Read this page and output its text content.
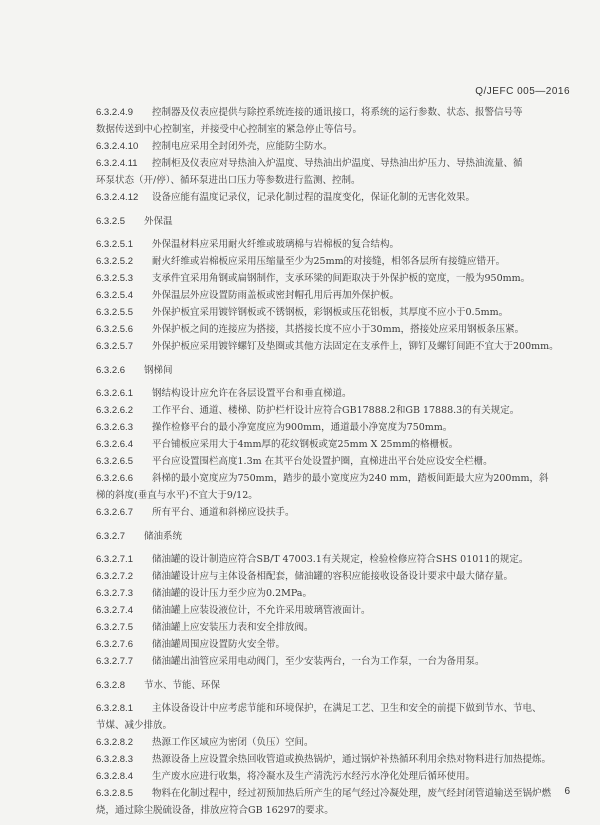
Q/JEFC 005—2016
6.3.2.4.9	控制器及仪表应提供与除控系统连接的通讯接口，将系统的运行参数、状态、报警信号等
数据传送到中心控制室，并接受中心控制室的紧急停止等信号。
6.3.2.4.10	控制电应采用全封闭外壳，应能防尘防水。
6.3.2.4.11	控制柜及仪表应对导热油入炉温度、导热油出炉温度、导热油出炉压力、导热油流量、循
环泵状态（开/停）、循环泵进出口压力等参数进行监测、控制。
6.3.2.4.12	设备应能有温度记录仪，记录化制过程的温度变化，保证化制的无害化效果。
6.3.2.5	外保温
6.3.2.5.1	外保温材料应采用耐火纤维或玻璃棉与岩棉板的复合结构。
6.3.2.5.2	耐火纤维或岩棉板应采用压缩量至少为25mm的对接缝，相邻各层所有接缝应错开。
6.3.2.5.3	支承件宜采用角钢或扁钢制作，支承环梁的间距取决于外保护板的宽度，一般为950mm。
6.3.2.5.4	外保温层外应设置防雨盖板或密封帽孔用后再加外保护板。
6.3.2.5.5	外保护板宜采用镀锌钢板或不锈钢板，彩钢板或压花铝板，其厚度不应小于0.5mm。
6.3.2.5.6	外保护板之间的连接应为搭接，其搭接长度不应小于30mm，搭接处应采用钢板条压紧。
6.3.2.5.7	外保护板应采用镀锌螺钉及垫圈或其他方法固定在支承件上，铆钉及螺钉间距不宜大于200mm。
6.3.2.6	钢梯间
6.3.2.6.1	钢结构设计应允许在各层设置平台和垂直梯道。
6.3.2.6.2	工作平台、通道、楼梯、防护栏杆设计应符合GB17888.2和GB 17888.3的有关规定。
6.3.2.6.3	操作检修平台的最小净宽度应为900mm，通道最小净宽度为750mm。
6.3.2.6.4	平台铺板应采用大于4mm厚的花纹钢板或宽25mm X 25mm的格栅板。
6.3.2.6.5	平台应设置围栏高度1.3m 在其平台处设置护圈，直梯进出平台处应设安全栏栅。
6.3.2.6.6	斜梯的最小宽度应为750mm，踏步的最小宽度应为240 mm，踏板间距最大应为200mm，斜
梯的斜度(垂直与水平)不宜大于9/12。
6.3.2.6.7	所有平台、通道和斜梯应设扶手。
6.3.2.7	储油系统
6.3.2.7.1	储油罐的设计制造应符合SB/T 47003.1有关规定，检验检修应符合SHS 01011的规定。
6.3.2.7.2	储油罐设计应与主体设备相配套，储油罐的容积应能接收设备设计要求中最大储存量。
6.3.2.7.3	储油罐的设计压力至少应为0.2MPa。
6.3.2.7.4	储油罐上应装设液位计，不允许采用玻璃管液面计。
6.3.2.7.5	储油罐上应安装压力表和安全排放阀。
6.3.2.7.6	储油罐周围应设置防火安全带。
6.3.2.7.7	储油罐出油管应采用电动阀门，至少安装两台，一台为工作泵，一台为备用泵。
6.3.2.8	节水、节能、环保
6.3.2.8.1	主体设备设计中应考虑节能和环境保护，在满足工艺、卫生和安全的前提下做到节水、节电、
节煤、减少排放。
6.3.2.8.2	热源工作区域应为密闭（负压）空间。
6.3.2.8.3	热源设备上应设置余热回收管道或换热锅炉，通过锅炉补热循环利用余热对物料进行加热提炼。
6.3.2.8.4	生产废水应进行收集，将冷凝水及生产清洗污水经污水净化处理后循环使用。
6.3.2.8.5	物料在化制过程中，经过初预加热后所产生的尾气经过冷凝处理，废气经封闭管道输送至锅炉燃
烧，通过除尘脱硫设备，排放应符合GB 16297的要求。
6
